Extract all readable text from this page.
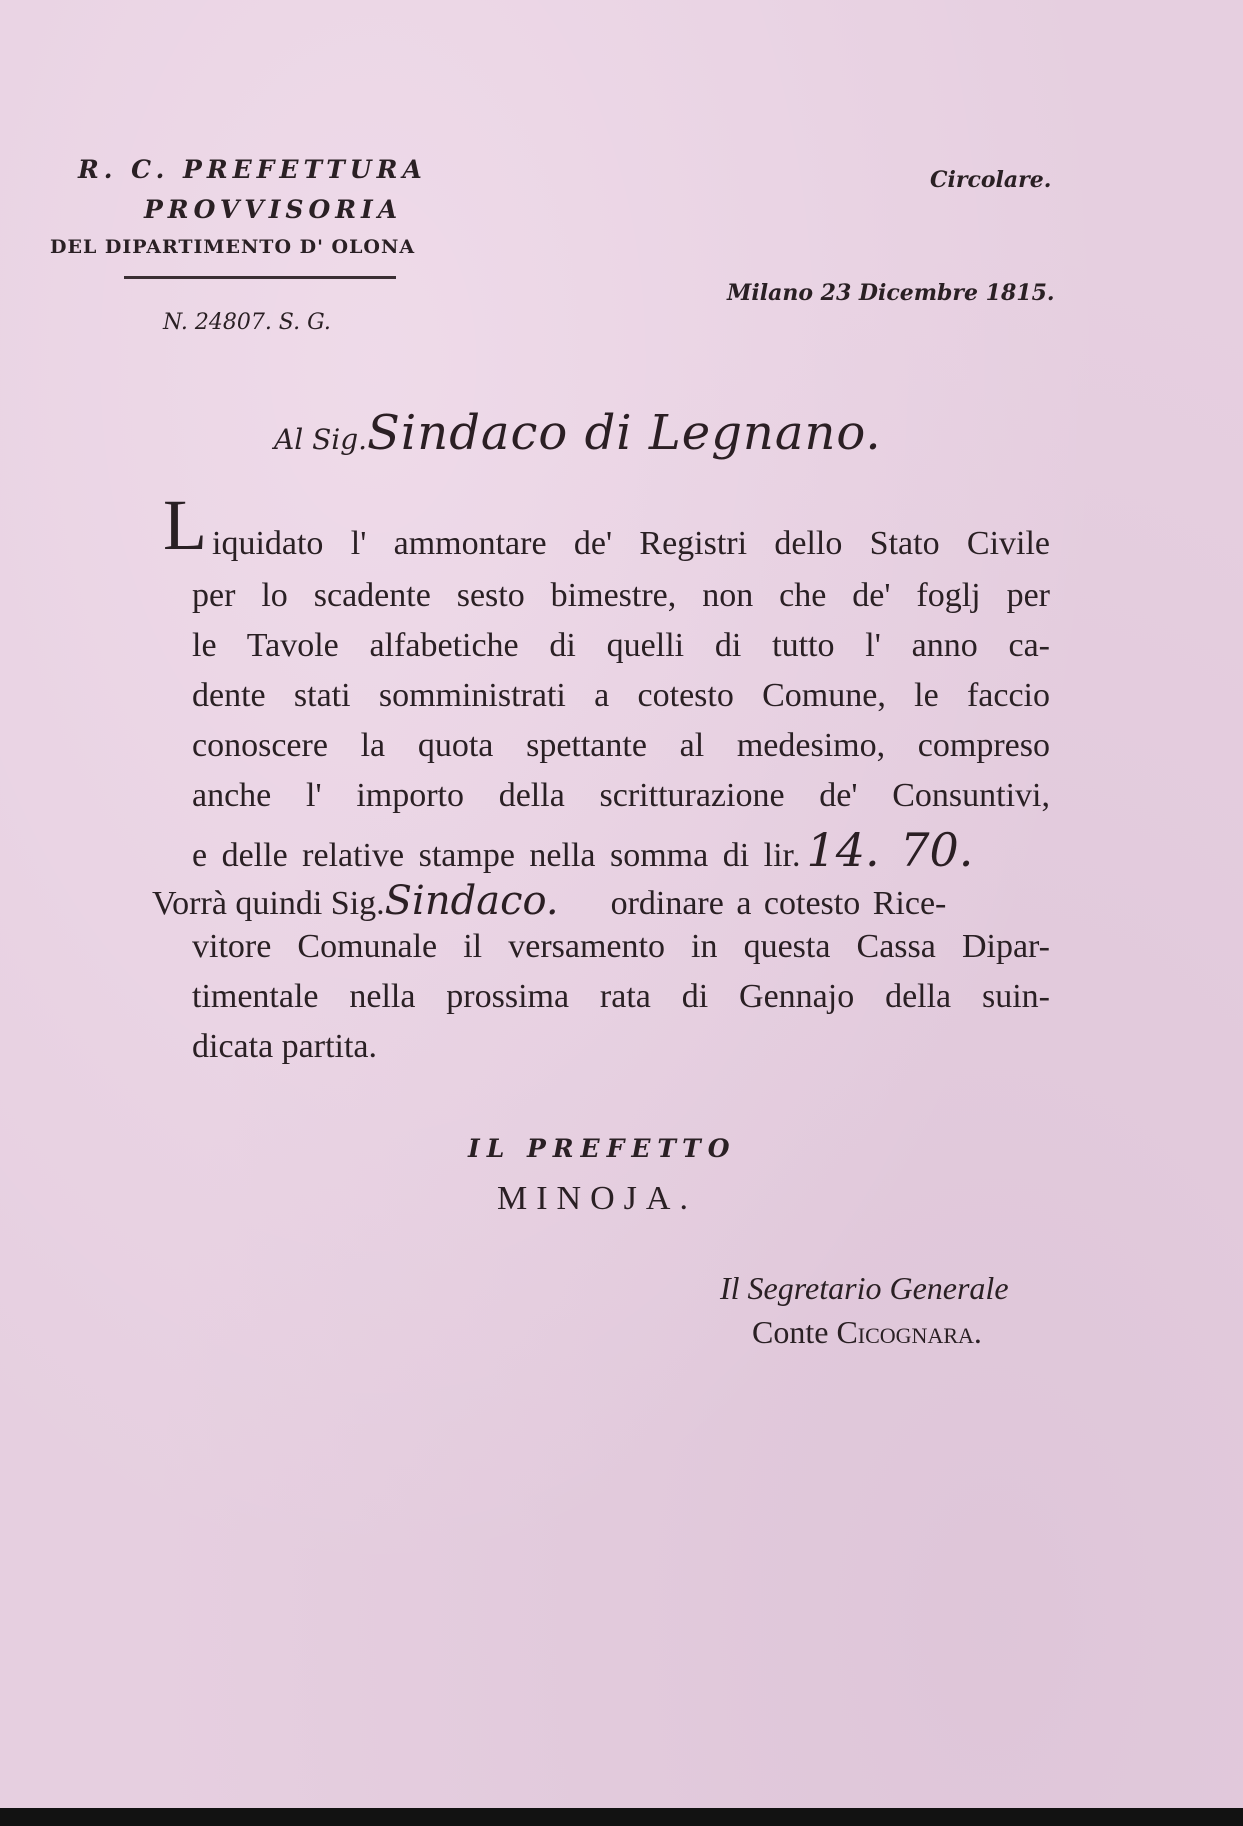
R. C. PREFETTURA
PROVVISORIA
DEL DIPARTIMENTO D' OLONA
N. 24807. S. G.
Circolare.
Milano 23 Dicembre 1815.
Al Sig.Sindaco di Legnano.
L iquidato l' ammontare de' Registri dello Stato Civile
per lo scadente sesto bimestre, non che de' foglj per
le Tavole alfabetiche di quelli di tutto l' anno ca-
dente stati somministrati a cotesto Comune, le faccio
conoscere la quota spettante al medesimo, compreso
anche l' importo della scritturazione de' Consuntivi,
e delle relative stampe nella somma di lir. 14. 70.
Vorrà quindi Sig.Sindaco. ordinare a cotesto Rice-
vitore Comunale il versamento in questa Cassa Dipar-
timentale nella prossima rata di Gennajo della suin-
dicata partita.
IL PREFETTO
MINOJA.
Il Segretario Generale
Conte Cicognara.
